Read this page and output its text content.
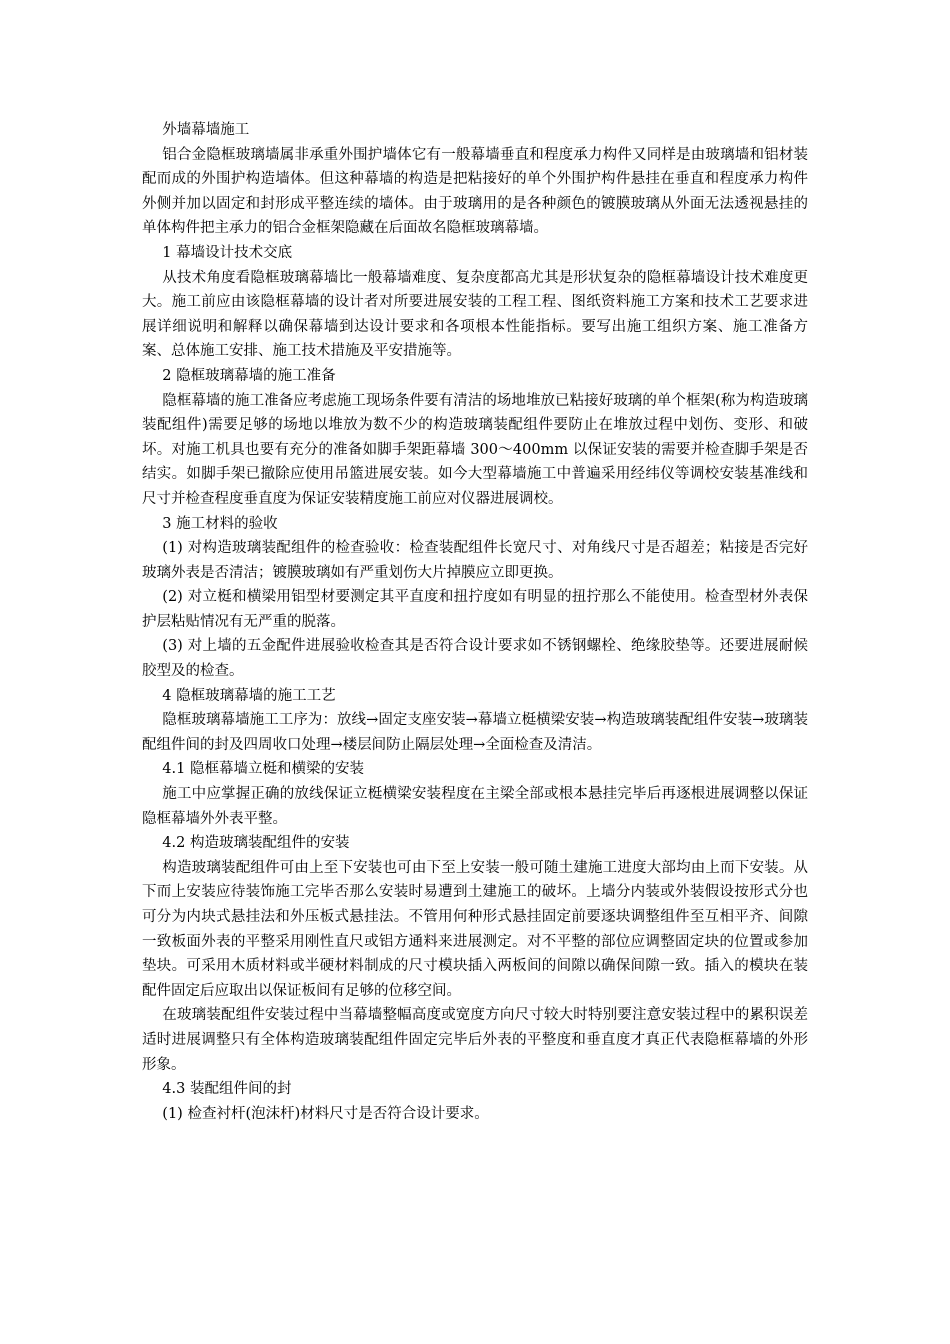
外墙幕墙施工

铝合金隐框玻璃墙属非承重外围护墙体它有一般幕墙垂直和程度承力构件又同样是由玻璃墙和铝材装配而成的外围护构造墙体。但这种幕墙的构造是把粘接好的单个外围护构件悬挂在垂直和程度承力构件外侧并加以固定和封形成平整连续的墙体。由于玻璃用的是各种颜色的镀膜玻璃从外面无法透视悬挂的单体构件把主承力的铝合金框架隐藏在后面故名隐框玻璃幕墙。

1 幕墙设计技术交底

从技术角度看隐框玻璃幕墙比一般幕墙难度、复杂度都高尤其是形状复杂的隐框幕墙设计技术难度更大。施工前应由该隐框幕墙的设计者对所要进展安装的工程工程、图纸资料施工方案和技术工艺要求进展详细说明和解释以确保幕墙到达设计要求和各项根本性能指标。要写出施工组织方案、施工准备方案、总体施工安排、施工技术措施及平安措施等。

2 隐框玻璃幕墙的施工准备

隐框幕墙的施工准备应考虑施工现场条件要有清洁的场地堆放已粘接好玻璃的单个框架(称为构造玻璃装配组件)需要足够的场地以堆放为数不少的构造玻璃装配组件要防止在堆放过程中划伤、变形、和破坏。对施工机具也要有充分的准备如脚手架距幕墙 300～400mm 以保证安装的需要并检查脚手架是否结实。如脚手架已撤除应使用吊篮进展安装。如今大型幕墙施工中普遍采用经纬仪等调校安装基准线和尺寸并检查程度垂直度为保证安装精度施工前应对仪器进展调校。

3 施工材料的验收

(1) 对构造玻璃装配组件的检查验收：检查装配组件长宽尺寸、对角线尺寸是否超差；粘接是否完好玻璃外表是否清洁；镀膜玻璃如有严重划伤大片掉膜应立即更换。

(2) 对立梃和横梁用铝型材要测定其平直度和扭拧度如有明显的扭拧那么不能使用。检查型材外表保护层粘贴情况有无严重的脱落。

(3) 对上墙的五金配件进展验收检查其是否符合设计要求如不锈钢螺栓、绝缘胶垫等。还要进展耐候胶型及的检查。

4 隐框玻璃幕墙的施工工艺

隐框玻璃幕墙施工工序为：放线→固定支座安装→幕墙立梃横梁安装→构造玻璃装配组件安装→玻璃装配组件间的封及四周收口处理→楼层间防止隔层处理→全面检查及清洁。

4.1 隐框幕墙立梃和横梁的安装

施工中应掌握正确的放线保证立梃横梁安装程度在主梁全部或根本悬挂完毕后再逐根进展调整以保证隐框幕墙外外表平整。

4.2 构造玻璃装配组件的安装

构造玻璃装配组件可由上至下安装也可由下至上安装一般可随土建施工进度大部均由上而下安装。从下而上安装应待装饰施工完毕否那么安装时易遭到土建施工的破坏。上墙分内装或外装假设按形式分也可分为内块式悬挂法和外压板式悬挂法。不管用何种形式悬挂固定前要逐块调整组件至互相平齐、间隙一致板面外表的平整采用刚性直尺或铝方通料来进展测定。对不平整的部位应调整固定块的位置或参加垫块。可采用木质材料或半硬材料制成的尺寸模块插入两板间的间隙以确保间隙一致。插入的模块在装配件固定后应取出以保证板间有足够的位移空间。

在玻璃装配组件安装过程中当幕墙整幅高度或宽度方向尺寸较大时特别要注意安装过程中的累积误差适时进展调整只有全体构造玻璃装配组件固定完毕后外表的平整度和垂直度才真正代表隐框幕墙的外形形象。

4.3 装配组件间的封

(1) 检查衬杆(泡沫杆)材料尺寸是否符合设计要求。
